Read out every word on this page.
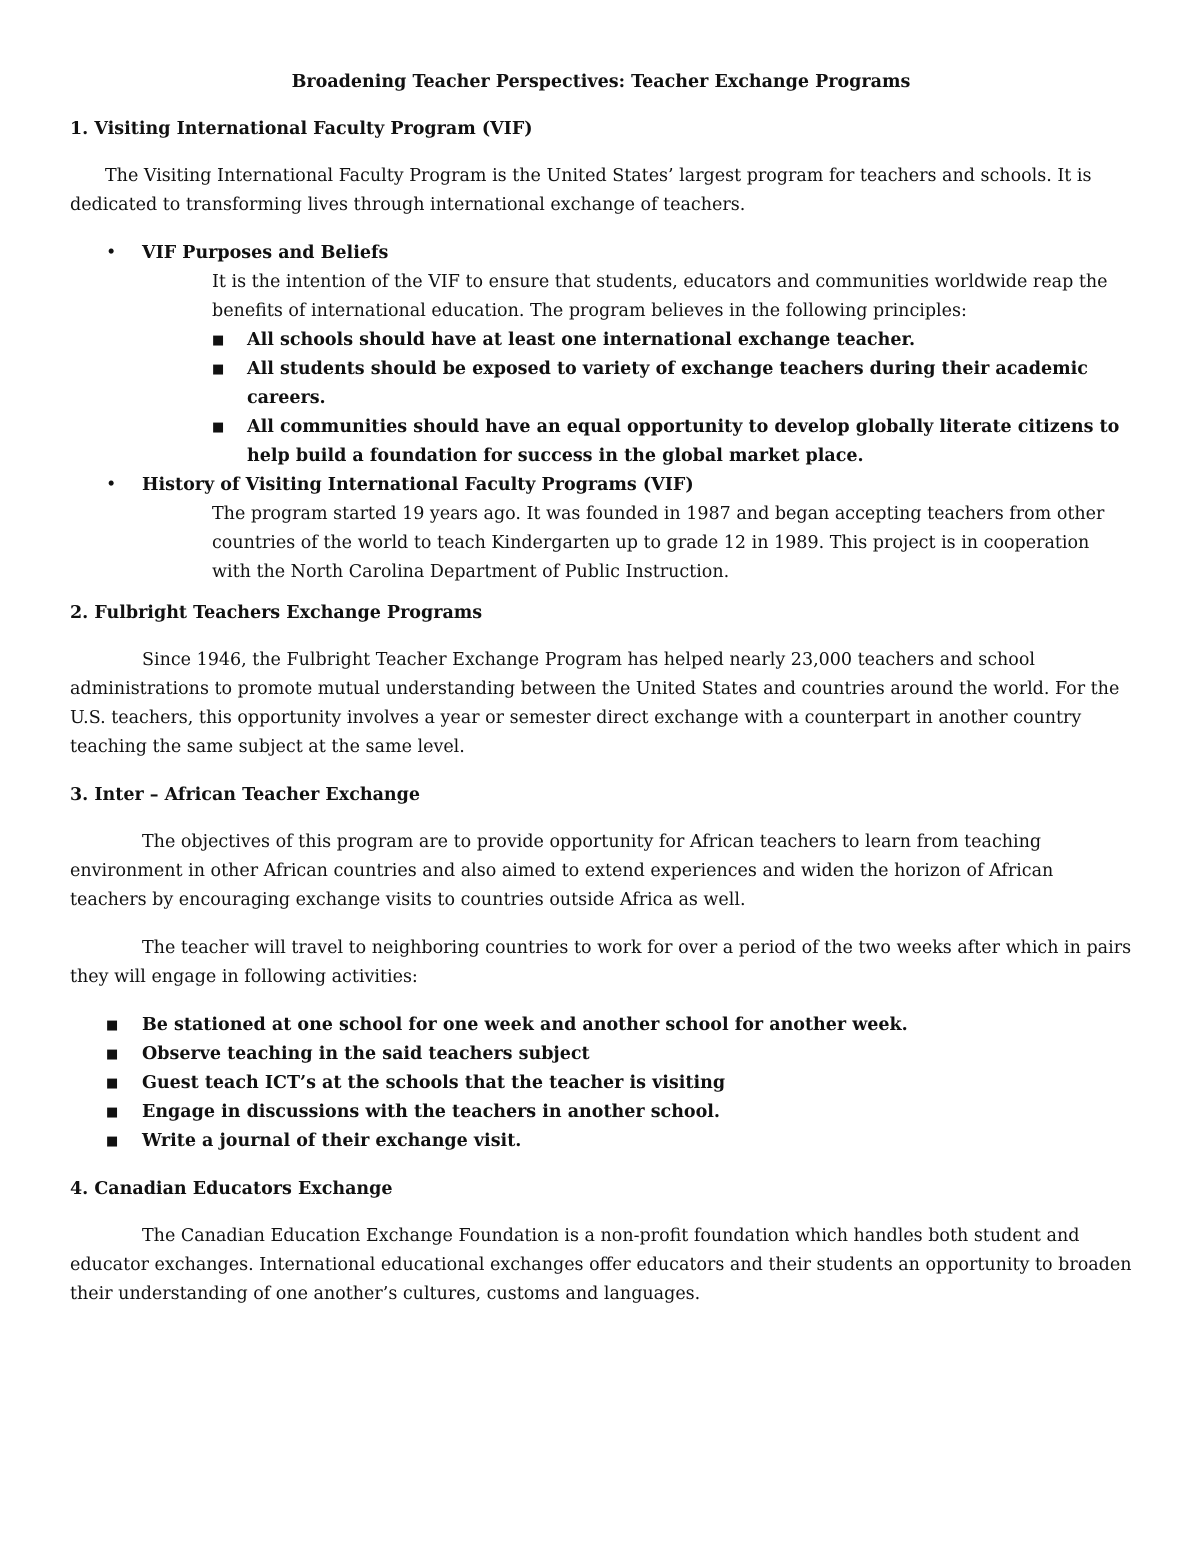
Broadening Teacher Perspectives: Teacher Exchange Programs
1. Visiting International Faculty Program (VIF)

The Visiting International Faculty Program is the United States’ largest program for teachers and schools. It is dedicated to transforming lives through international exchange of teachers.

• VIF Purposes and Beliefs
It is the intention of the VIF to ensure that students, educators and communities worldwide reap the benefits of international education. The program believes in the following principles:
■ All schools should have at least one international exchange teacher.
■ All students should be exposed to variety of exchange teachers during their academic careers.
■ All communities should have an equal opportunity to develop globally literate citizens to help build a foundation for success in the global market place.
• History of Visiting International Faculty Programs (VIF)
The program started 19 years ago. It was founded in 1987 and began accepting teachers from other countries of the world to teach Kindergarten up to grade 12 in 1989. This project is in cooperation with the North Carolina Department of Public Instruction.
2. Fulbright Teachers Exchange Programs

Since 1946, the Fulbright Teacher Exchange Program has helped nearly 23,000 teachers and school administrations to promote mutual understanding between the United States and countries around the world. For the U.S. teachers, this opportunity involves a year or semester direct exchange with a counterpart in another country teaching the same subject at the same level.

3. Inter – African Teacher Exchange

The objectives of this program are to provide opportunity for African teachers to learn from teaching environment in other African countries and also aimed to extend experiences and widen the horizon of African teachers by encouraging exchange visits to countries outside Africa as well.

The teacher will travel to neighboring countries to work for over a period of the two weeks after which in pairs they will engage in following activities:

■ Be stationed at one school for one week and another school for another week.
■ Observe teaching in the said teachers subject
■ Guest teach ICT’s at the schools that the teacher is visiting
■ Engage in discussions with the teachers in another school.
■ Write a journal of their exchange visit.
4. Canadian Educators Exchange

The Canadian Education Exchange Foundation is a non-profit foundation which handles both student and educator exchanges. International educational exchanges offer educators and their students an opportunity to broaden their understanding of one another’s cultures, customs and languages.
